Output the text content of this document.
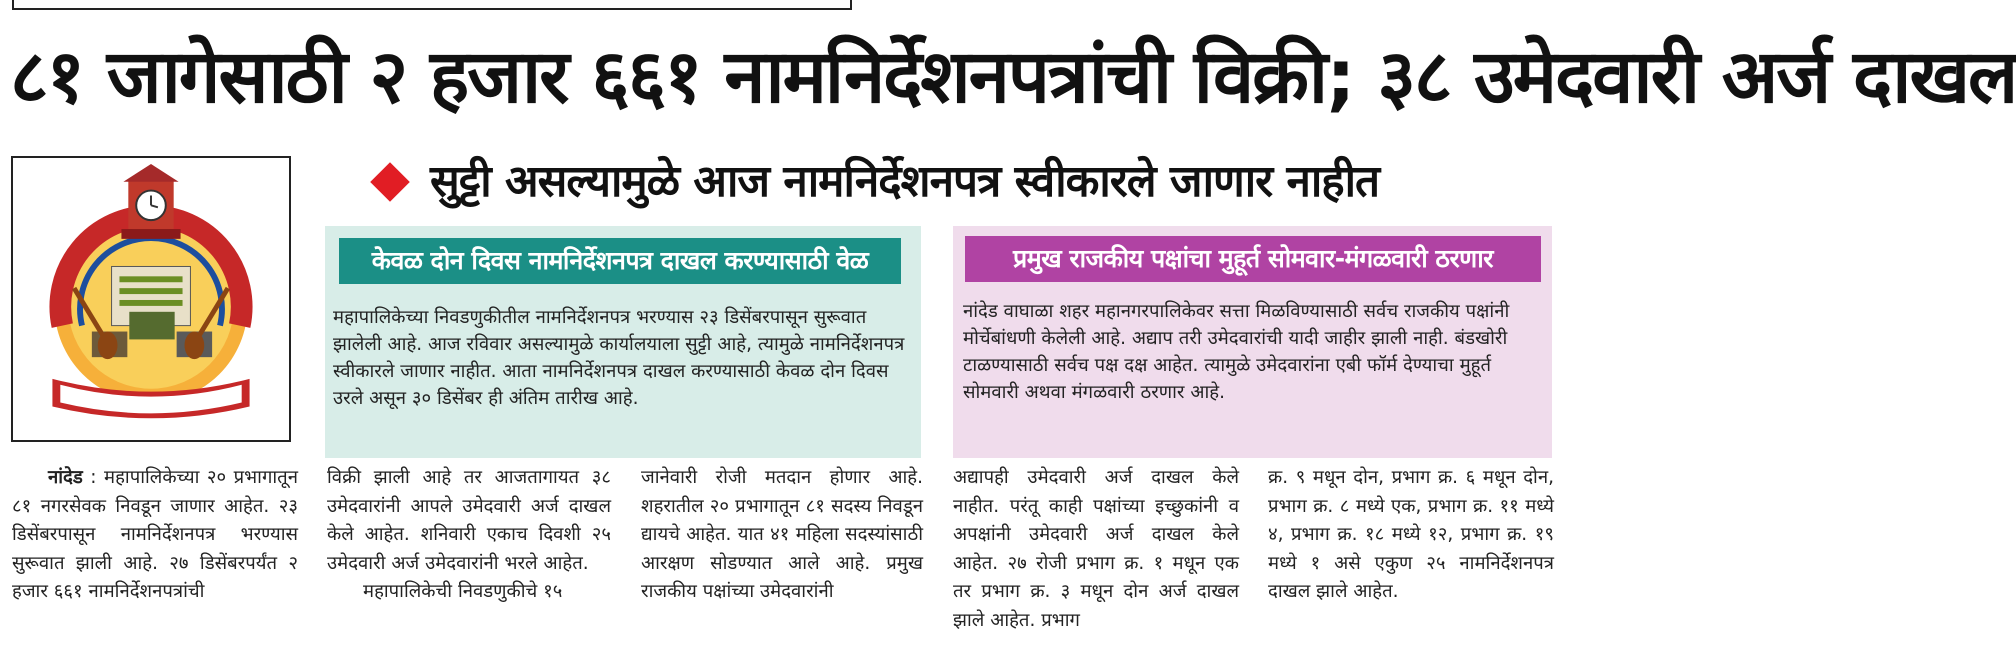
८१ जागेसाठी २ हजार ६६१ नामनिर्देशनपत्रांची विक्री; ३८ उमेदवारी अर्ज दाखल
सुट्टी असल्यामुळे आज नामनिर्देशनपत्र स्वीकारले जाणार नाहीत
केवळ दोन दिवस नामनिर्देशनपत्र दाखल करण्यासाठी वेळ
महापालिकेच्या निवडणुकीतील नामनिर्देशनपत्र भरण्यास २३ डिसेंबरपासून सुरूवात झालेली आहे. आज रविवार असल्यामुळे कार्यालयाला सुट्टी आहे, त्यामुळे नामनिर्देशनपत्र स्वीकारले जाणार नाहीत. आता नामनिर्देशनपत्र दाखल करण्यासाठी केवळ दोन दिवस उरले असून ३० डिसेंबर ही अंतिम तारीख आहे.
प्रमुख राजकीय पक्षांचा मुहूर्त सोमवार-मंगळवारी ठरणार
नांदेड वाघाळा शहर महानगरपालिकेवर सत्ता मिळविण्यासाठी सर्वच राजकीय पक्षांनी मोर्चेबांधणी केलेली आहे. अद्याप तरी उमेदवारांची यादी जाहीर झाली नाही. बंडखोरी टाळण्यासाठी सर्वच पक्ष दक्ष आहेत. त्यामुळे उमेदवारांना एबी फॉर्म देण्याचा मुहूर्त सोमवारी अथवा मंगळवारी ठरणार आहे.

नांदेड : महापालिकेच्या २० प्रभागातून ८१ नगरसेवक निवडून जाणार आहेत. २३ डिसेंबरपासून नामनिर्देशनपत्र भरण्यास सुरूवात झाली आहे. २७ डिसेंबरपर्यंत २ हजार ६६१ नामनिर्देशनपत्रांची

विक्री झाली आहे तर आजतागायत ३८ उमेदवारांनी आपले उमेदवारी अर्ज दाखल केले आहेत. शनिवारी एकाच दिवशी २५ उमेदवारी अर्ज उमेदवारांनी भरले आहेत.

महापालिकेची निवडणुकीचे १५

जानेवारी रोजी मतदान होणार आहे. शहरातील २० प्रभागातून ८१ सदस्य निवडून द्यायचे आहेत. यात ४१ महिला सदस्यांसाठी आरक्षण सोडण्यात आले आहे. प्रमुख राजकीय पक्षांच्या उमेदवारांनी

अद्यापही उमेदवारी अर्ज दाखल केले नाहीत. परंतू काही पक्षांच्या इच्छुकांनी व अपक्षांनी उमेदवारी अर्ज दाखल केले आहेत. २७ रोजी प्रभाग क्र. १ मधून एक तर प्रभाग क्र. ३ मधून दोन अर्ज दाखल झाले आहेत. प्रभाग

क्र. ९ मधून दोन, प्रभाग क्र. ६ मधून दोन, प्रभाग क्र. ८ मध्ये एक, प्रभाग क्र. ११ मध्ये ४, प्रभाग क्र. १८ मध्ये १२, प्रभाग क्र. १९ मध्ये १ असे एकुण २५ नामनिर्देशनपत्र दाखल झाले आहेत.
